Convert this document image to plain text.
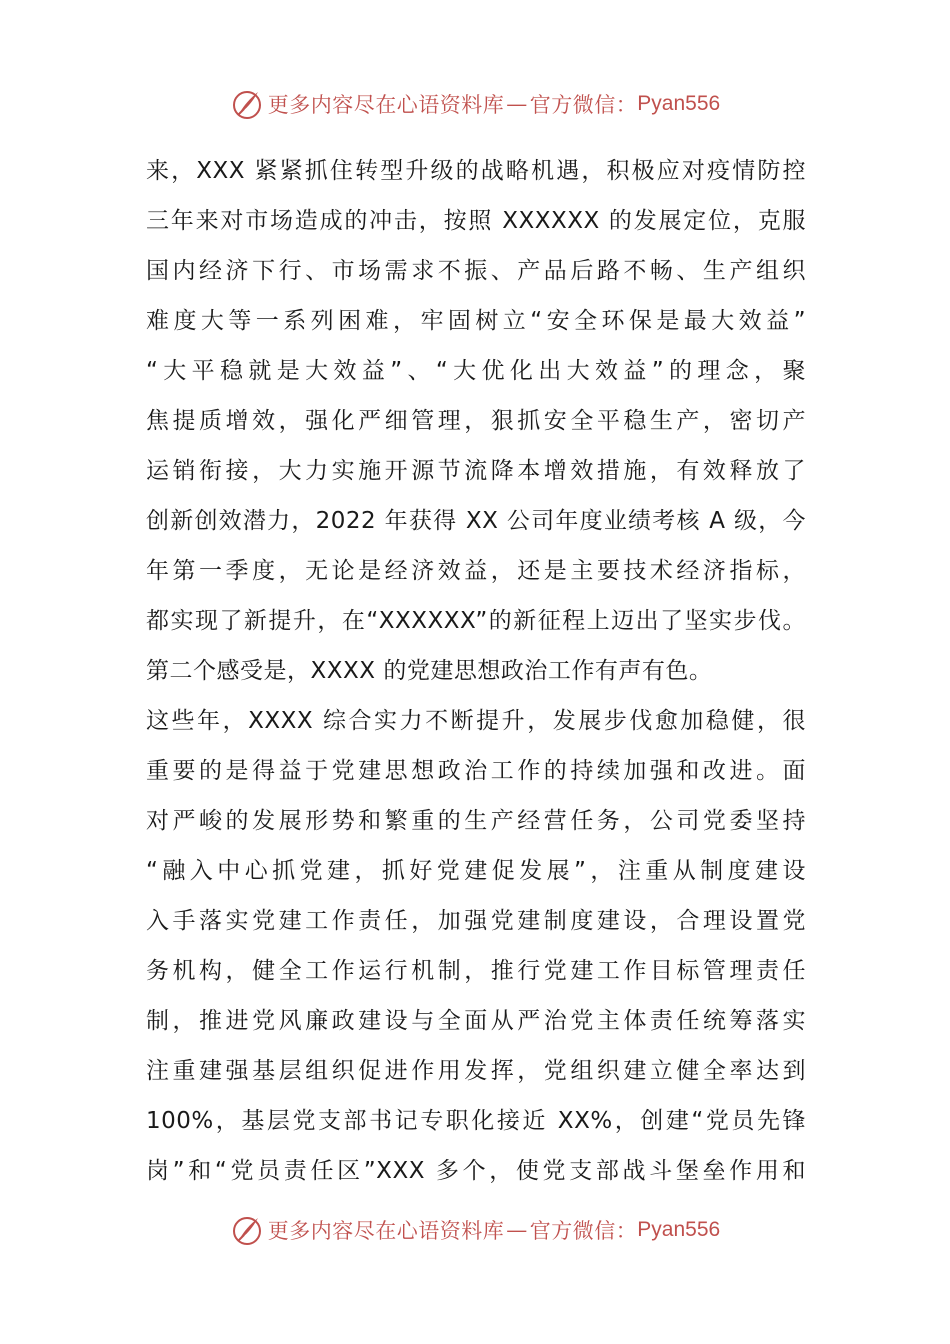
更多内容尽在心语资料库 — 官方微信： Pyan556
来，XXX 紧紧抓住转型升级的战略机遇，积极应对疫情防控
三年来对市场造成的冲击，按照 XXXXXX 的发展定位，克服
国内经济下行、市场需求不振、产品后路不畅、生产组织
难度大等一系列困难，牢固树立“安全环保是最大效益”
“大平稳就是大效益”、“大优化出大效益”的理念，聚
焦提质增效，强化严细管理，狠抓安全平稳生产，密切产
运销衔接，大力实施开源节流降本增效措施，有效释放了
创新创效潜力，2022 年获得 XX 公司年度业绩考核 A 级，今
年第一季度，无论是经济效益，还是主要技术经济指标，
都实现了新提升，在“XXXXXX”的新征程上迈出了坚实步伐。
第二个感受是，XXXX 的党建思想政治工作有声有色。
这些年，XXXX 综合实力不断提升，发展步伐愈加稳健，很
重要的是得益于党建思想政治工作的持续加强和改进。面
对严峻的发展形势和繁重的生产经营任务，公司党委坚持
“融入中心抓党建，抓好党建促发展”，注重从制度建设
入手落实党建工作责任，加强党建制度建设，合理设置党
务机构，健全工作运行机制，推行党建工作目标管理责任
制，推进党风廉政建设与全面从严治党主体责任统筹落实
注重建强基层组织促进作用发挥，党组织建立健全率达到
100%，基层党支部书记专职化接近 XX%，创建“党员先锋
岗”和“党员责任区”XXX 多个，使党支部战斗堡垒作用和
更多内容尽在心语资料库 — 官方微信： Pyan556
